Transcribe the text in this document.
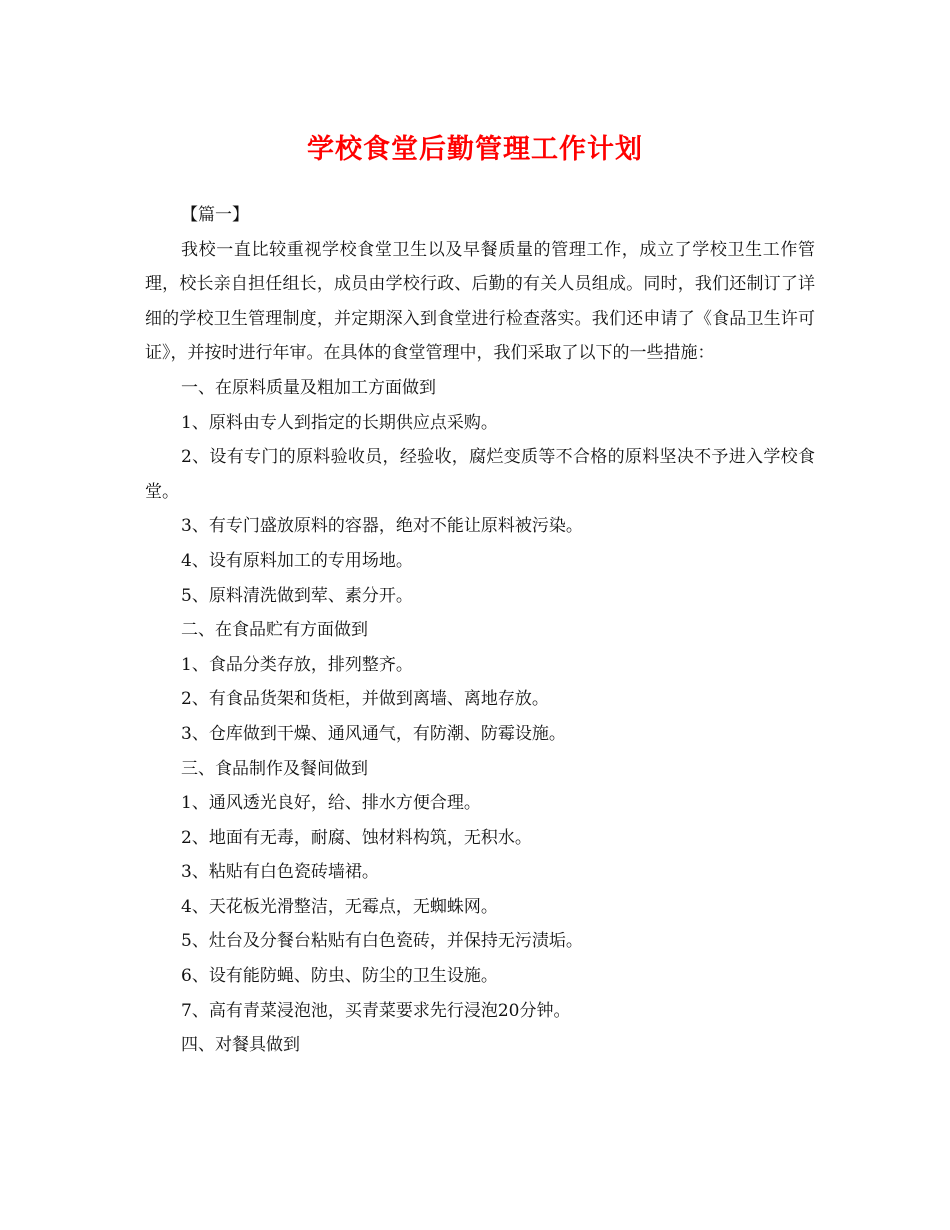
学校食堂后勤管理工作计划

【篇一】

我校一直比较重视学校食堂卫生以及早餐质量的管理工作，成立了学校卫生工作管理，校长亲自担任组长，成员由学校行政、后勤的有关人员组成。同时，我们还制订了详细的学校卫生管理制度，并定期深入到食堂进行检查落实。我们还申请了《食品卫生许可证》，并按时进行年审。在具体的食堂管理中，我们采取了以下的一些措施：

一、在原料质量及粗加工方面做到

1、原料由专人到指定的长期供应点采购。

2、设有专门的原料验收员，经验收，腐烂变质等不合格的原料坚决不予进入学校食堂。

3、有专门盛放原料的容器，绝对不能让原料被污染。

4、设有原料加工的专用场地。

5、原料清洗做到荤、素分开。

二、在食品贮有方面做到

1、食品分类存放，排列整齐。

2、有食品货架和货柜，并做到离墙、离地存放。

3、仓库做到干燥、通风通气，有防潮、防霉设施。

三、食品制作及餐间做到

1、通风透光良好，给、排水方便合理。

2、地面有无毒，耐腐、蚀材料构筑，无积水。

3、粘贴有白色瓷砖墙裙。

4、天花板光滑整洁，无霉点，无蜘蛛网。

5、灶台及分餐台粘贴有白色瓷砖，并保持无污渍垢。

6、设有能防蝇、防虫、防尘的卫生设施。

7、高有青菜浸泡池，买青菜要求先行浸泡20分钟。

四、对餐具做到
